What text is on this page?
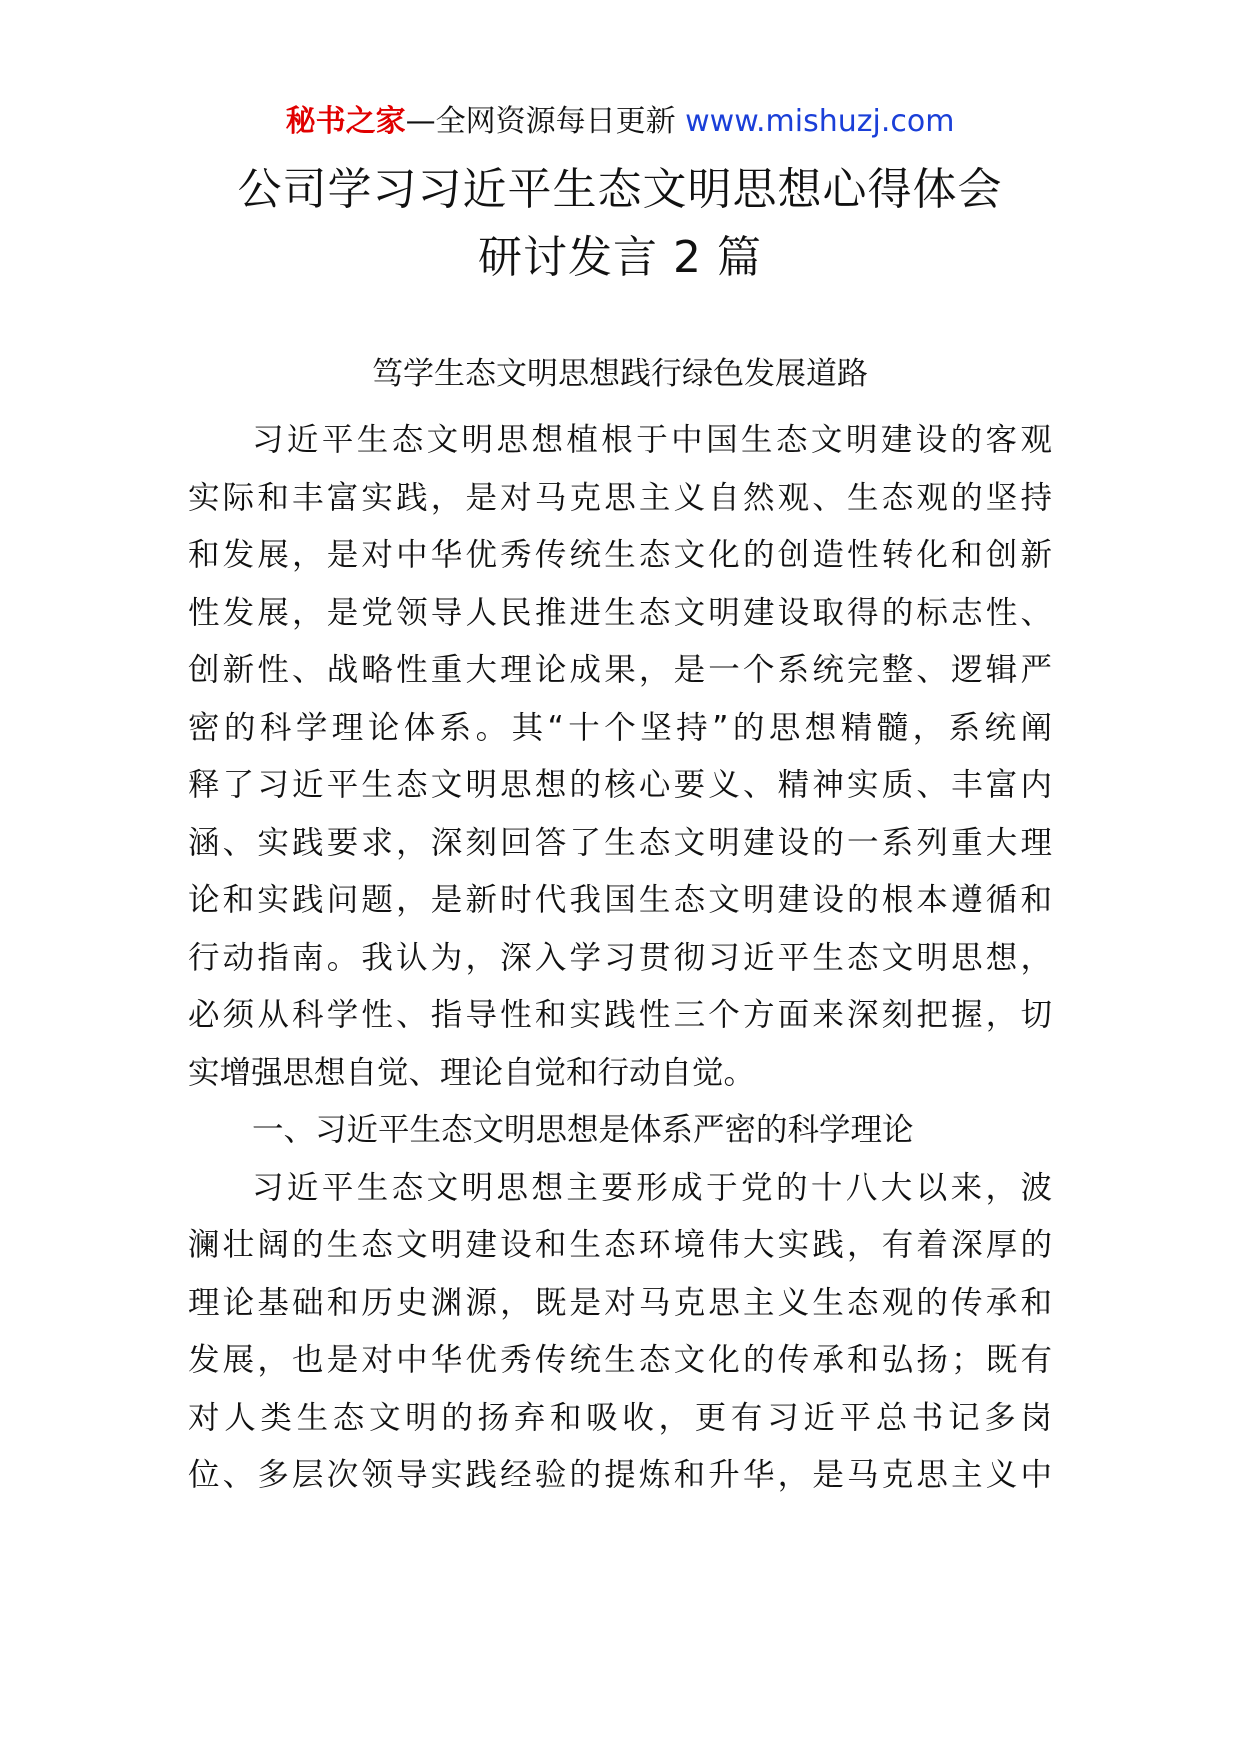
秘书之家—全网资源每日更新 www.mishuzj.com
公司学习习近平生态文明思想心得体会
研讨发言 2 篇
笃学生态文明思想践行绿色发展道路
习近平生态文明思想植根于中国生态文明建设的客观
实际和丰富实践，是对马克思主义自然观、生态观的坚持
和发展，是对中华优秀传统生态文化的创造性转化和创新
性发展，是党领导人民推进生态文明建设取得的标志性、
创新性、战略性重大理论成果，是一个系统完整、逻辑严
密的科学理论体系。其“十个坚持”的思想精髓，系统阐
释了习近平生态文明思想的核心要义、精神实质、丰富内
涵、实践要求，深刻回答了生态文明建设的一系列重大理
论和实践问题，是新时代我国生态文明建设的根本遵循和
行动指南。我认为，深入学习贯彻习近平生态文明思想，
必须从科学性、指导性和实践性三个方面来深刻把握，切
实增强思想自觉、理论自觉和行动自觉。
一、习近平生态文明思想是体系严密的科学理论
习近平生态文明思想主要形成于党的十八大以来，波
澜壮阔的生态文明建设和生态环境伟大实践，有着深厚的
理论基础和历史渊源，既是对马克思主义生态观的传承和
发展，也是对中华优秀传统生态文化的传承和弘扬；既有
对人类生态文明的扬弃和吸收，更有习近平总书记多岗
位、多层次领导实践经验的提炼和升华，是马克思主义中
